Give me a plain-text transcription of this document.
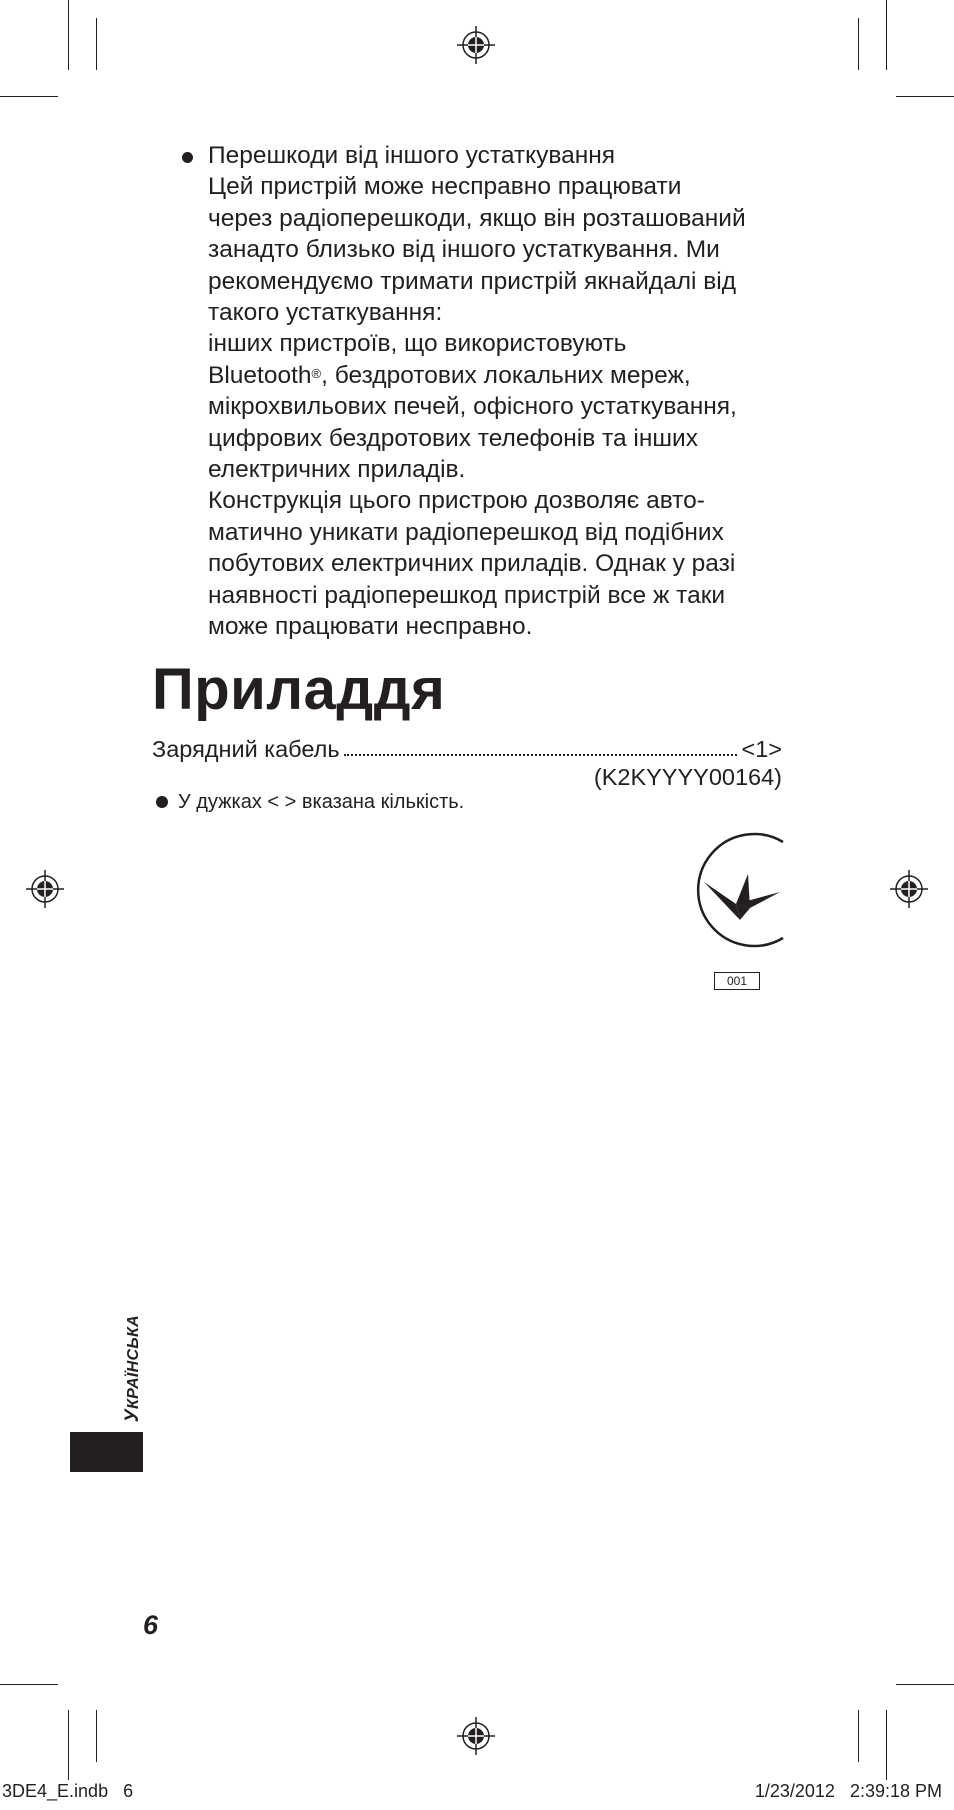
Перешкоди від іншого устаткування
Цей пристрій може несправно працювати
через радіоперешкоди, якщо він розташований
занадто близько від іншого устаткування. Ми
рекомендуємо тримати пристрій якнайдалі від
такого устаткування:
інших пристроїв, що використовують
Bluetooth®, бездротових локальних мереж,
мікрохвильових печей, офісного устаткування,
цифрових бездротових телефонів та інших
електричних приладів.
Конструкція цього пристрою дозволяє авто-
матично уникати радіоперешкод від подібних
побутових електричних приладів. Однак у разі
наявності радіоперешкод пристрій все ж таки
може працювати несправно.
Приладдя
Зарядний кабель	<1>
(K2KYYYY00164)
У дужках < > вказана кількість.
001
УКРАЇНСЬКА
6
3DE4_E.indb   6	1/23/2012   2:39:18 PM
